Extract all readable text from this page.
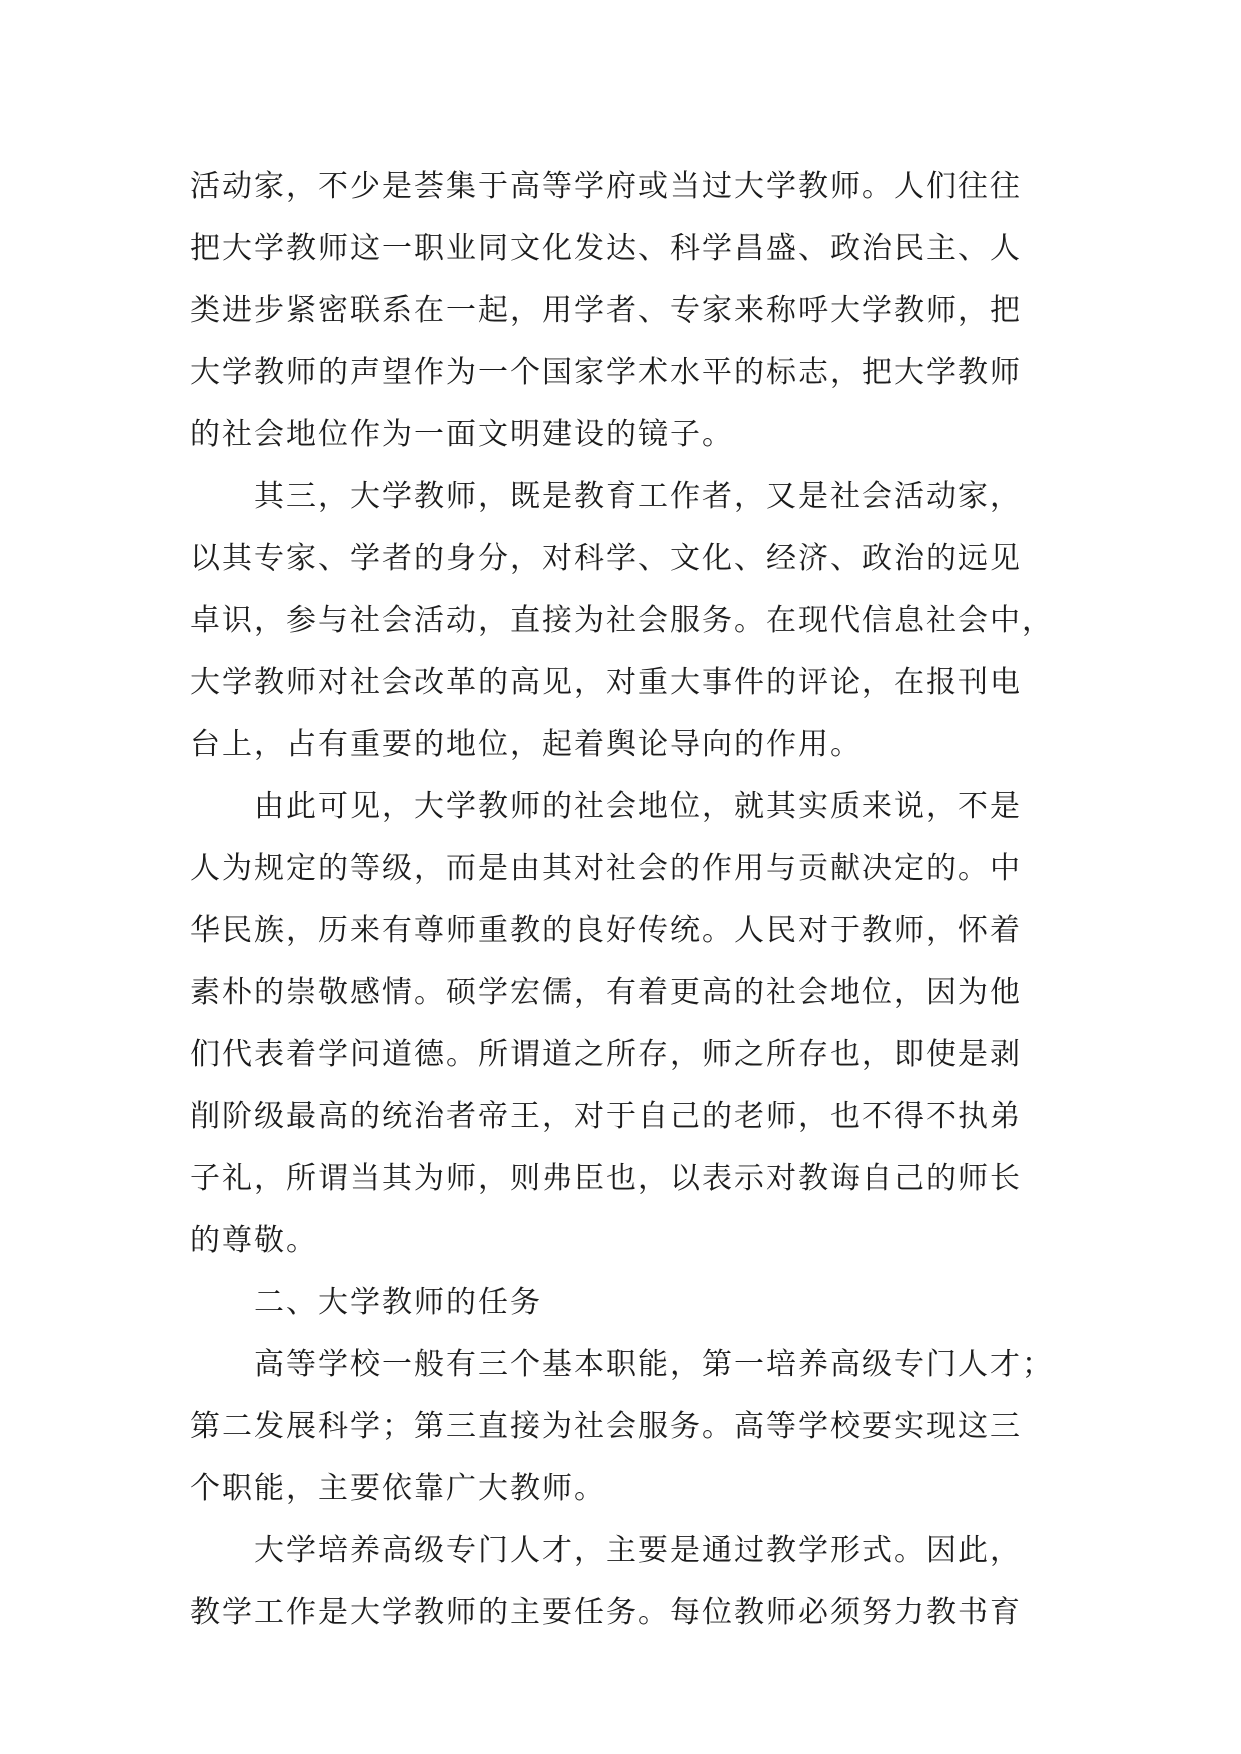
活动家，不少是荟集于高等学府或当过大学教师。人们往往
把大学教师这一职业同文化发达、科学昌盛、政治民主、人
类进步紧密联系在一起，用学者、专家来称呼大学教师，把
大学教师的声望作为一个国家学术水平的标志，把大学教师
的社会地位作为一面文明建设的镜子。
其三，大学教师，既是教育工作者，又是社会活动家，
以其专家、学者的身分，对科学、文化、经济、政治的远见
卓识，参与社会活动，直接为社会服务。在现代信息社会中，
大学教师对社会改革的高见，对重大事件的评论，在报刊电
台上，占有重要的地位，起着舆论导向的作用。
由此可见，大学教师的社会地位，就其实质来说，不是
人为规定的等级，而是由其对社会的作用与贡献决定的。中
华民族，历来有尊师重教的良好传统。人民对于教师，怀着
素朴的崇敬感情。硕学宏儒，有着更高的社会地位，因为他
们代表着学问道德。所谓道之所存，师之所存也，即使是剥
削阶级最高的统治者帝王，对于自己的老师，也不得不执弟
子礼，所谓当其为师，则弗臣也，以表示对教诲自己的师长
的尊敬。
二、大学教师的任务
高等学校一般有三个基本职能，第一培养高级专门人才；
第二发展科学；第三直接为社会服务。高等学校要实现这三
个职能，主要依靠广大教师。
大学培养高级专门人才，主要是通过教学形式。因此，
教学工作是大学教师的主要任务。每位教师必须努力教书育
